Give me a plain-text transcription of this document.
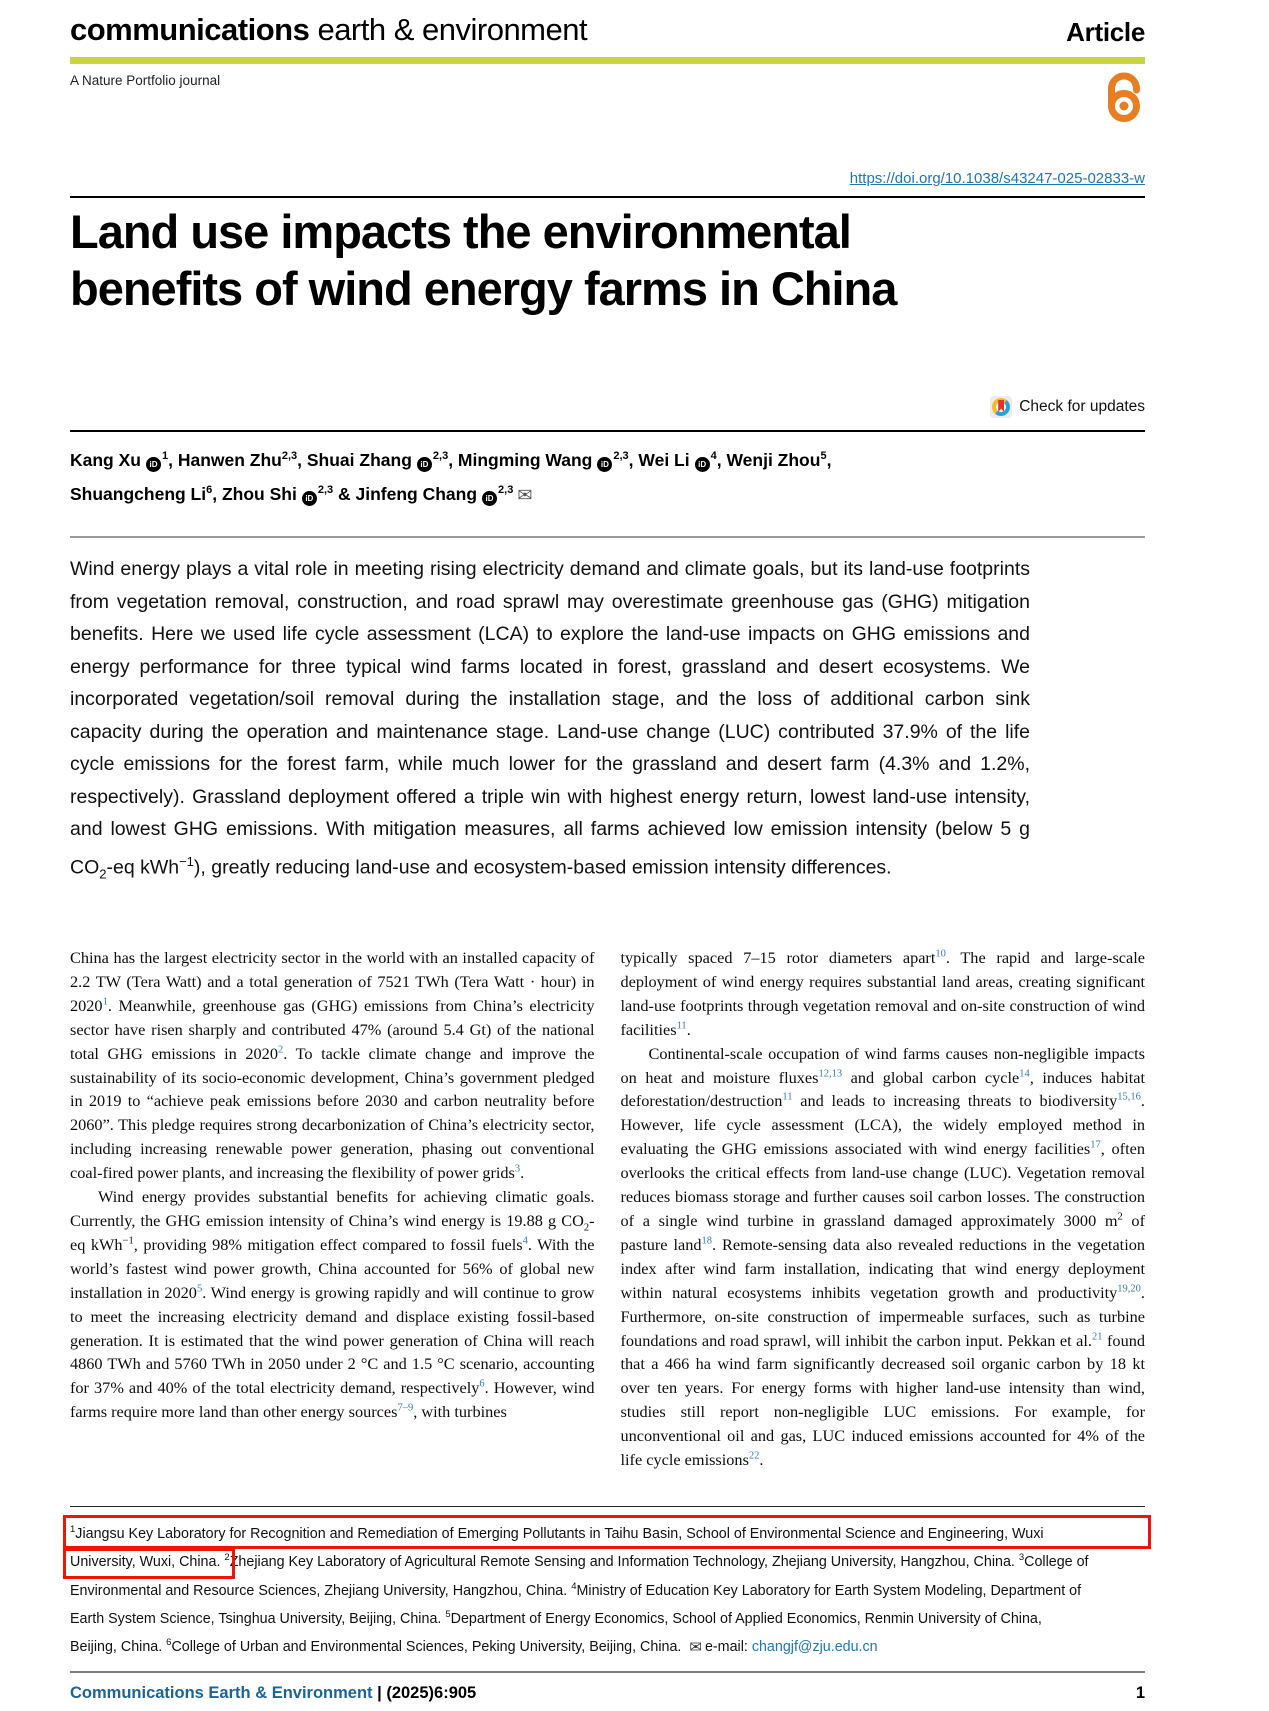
communications earth & environment	Article
A Nature Portfolio journal
https://doi.org/10.1038/s43247-025-02833-w
Land use impacts the environmental
benefits of wind energy farms in China
Check for updates
Kang XuiD $^1$, Hanwen Zhu$^{2,3}$, Shuai ZhangiD $^{2,3}$, Mingming WangiD $^{2,3}$, Wei LiiD $^4$, Wenji Zhou$^5$,
Shuangcheng Li$^6$, Zhou ShiiD $^{2,3}$ & Jinfeng ChangiD $^{2,3}$✉
Wind energy plays a vital role in meeting rising electricity demand and climate goals, but its land-use footprints from vegetation removal, construction, and road sprawl may overestimate greenhouse gas (GHG) mitigation benefits. Here we used life cycle assessment (LCA) to explore the land-use impacts on GHG emissions and energy performance for three typical wind farms located in forest, grassland and desert ecosystems. We incorporated vegetation/soil removal during the installation stage, and the loss of additional carbon sink capacity during the operation and maintenance stage. Land-use change (LUC) contributed 37.9% of the life cycle emissions for the forest farm, while much lower for the grassland and desert farm (4.3% and 1.2%, respectively). Grassland deployment offered a triple win with highest energy return, lowest land-use intensity, and lowest GHG emissions. With mitigation measures, all farms achieved low emission intensity (below 5 g $CO_2-eq$ kWh$^{-1}$), greatly reducing land-use and ecosystem-based emission intensity differences.

China has the largest electricity sector in the world with an installed capacity of 2.2 TW (Tera Watt) and a total generation of 7521 TWh (Tera Watt · hour) in 2020$^1$. Meanwhile, greenhouse gas (GHG) emissions from China’s electricity sector have risen sharply and contributed 47% (around 5.4 Gt) of the national total GHG emissions in 2020$^2$. To tackle climate change and improve the sustainability of its socio-economic development, China’s government pledged in 2019 to “achieve peak emissions before 2030 and carbon neutrality before 2060”. This pledge requires strong decarbonization of China’s electricity sector, including increasing renewable power generation, phasing out conventional coal-fired power plants, and increasing the flexibility of power grids$^3$.

Wind energy provides substantial benefits for achieving climatic goals. Currently, the GHG emission intensity of China’s wind energy is 19.88 g $CO_2-eq$ kWh$^{-1}$, providing 98% mitigation effect compared to fossil fuels$^4$. With the world’s fastest wind power growth, China accounted for 56% of global new installation in 2020$^5$. Wind energy is growing rapidly and will continue to grow to meet the increasing electricity demand and displace existing fossil-based generation. It is estimated that the wind power generation of China will reach 4860 TWh and 5760 TWh in 2050 under 2 °C and 1.5 °C scenario, accounting for 37% and 40% of the total electricity demand, respectively$^6$. However, wind farms require more land than other energy sources$^{7-9}$, with turbines

typically spaced 7–15 rotor diameters apart$^{10}$. The rapid and large-scale deployment of wind energy requires substantial land areas, creating significant land-use footprints through vegetation removal and on-site construction of wind facilities$^{11}$.

Continental-scale occupation of wind farms causes non-negligible impacts on heat and moisture fluxes$^{12,13}$ and global carbon cycle$^{14}$, induces habitat deforestation/destruction$^{11}$ and leads to increasing threats to biodiversity$^{15,16}$. However, life cycle assessment (LCA), the widely employed method in evaluating the GHG emissions associated with wind energy facilities$^{17}$, often overlooks the critical effects from land-use change (LUC). Vegetation removal reduces biomass storage and further causes soil carbon losses. The construction of a single wind turbine in grassland damaged approximately 3000 $m^2$ of pasture land$^{18}$. Remote-sensing data also revealed reductions in the vegetation index after wind farm installation, indicating that wind energy deployment within natural ecosystems inhibits vegetation growth and productivity$^{19,20}$. Furthermore, on-site construction of impermeable surfaces, such as turbine foundations and road sprawl, will inhibit the carbon input. Pekkan et al.$^{21}$ found that a 466 ha wind farm significantly decreased soil organic carbon by 18 kt over ten years. For energy forms with higher land-use intensity than wind, studies still report non-negligible LUC emissions. For example, for unconventional oil and gas, LUC induced emissions accounted for 4% of the life cycle emissions$^{22}$.

$^1$Jiangsu Key Laboratory for Recognition and Remediation of Emerging Pollutants in Taihu Basin, School of Environmental Science and Engineering, Wuxi
University, Wuxi, China. $^2$Zhejiang Key Laboratory of Agricultural Remote Sensing and Information Technology, Zhejiang University, Hangzhou, China. $^3$College of
Environmental and Resource Sciences, Zhejiang University, Hangzhou, China. $^4$Ministry of Education Key Laboratory for Earth System Modeling, Department of
Earth System Science, Tsinghua University, Beijing, China. $^5$Department of Energy Economics, School of Applied Economics, Renmin University of China,
Beijing, China. $^6$College of Urban and Environmental Sciences, Peking University, Beijing, China. ✉e-mail: changjf@zju.edu.cn
Communications Earth & Environment | (2025)6:905	1
